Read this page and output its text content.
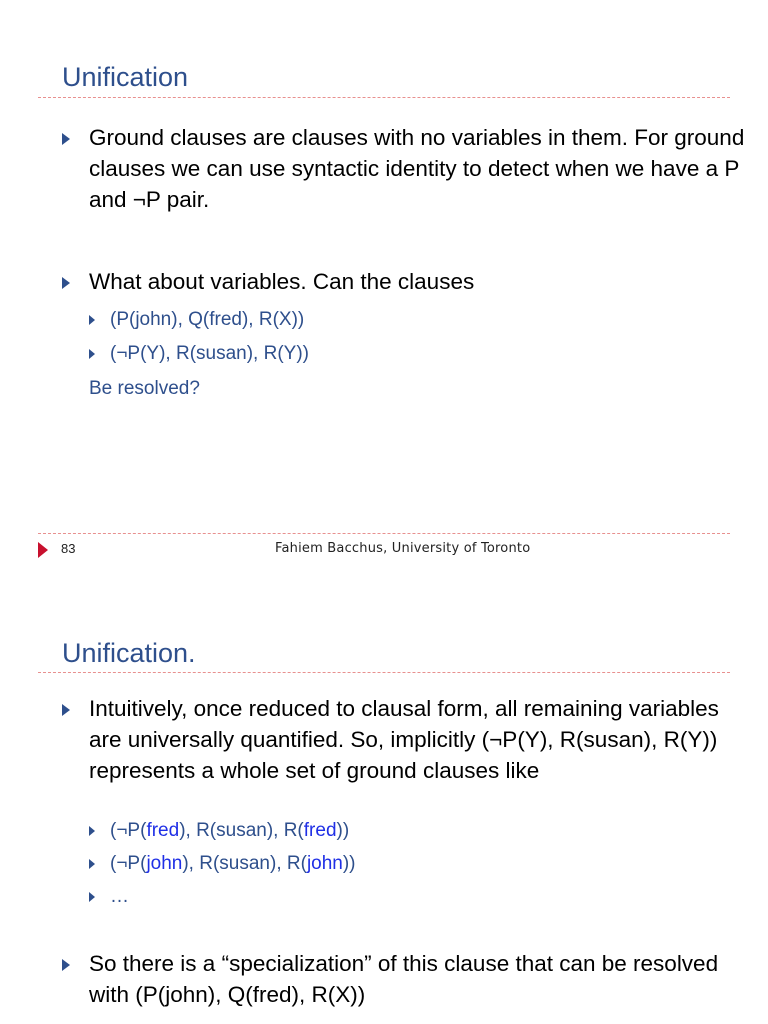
Unification
Ground clauses are clauses with no variables in them. For ground clauses we can use syntactic identity to detect when we have a P and ¬P pair.
What about variables. Can the clauses
(P(john), Q(fred), R(X))
(¬P(Y), R(susan), R(Y))
Be resolved?
83	Fahiem Bacchus, University of Toronto
Unification.
Intuitively, once reduced to clausal form, all remaining variables are universally quantified. So, implicitly (¬P(Y), R(susan), R(Y)) represents a whole set of ground clauses like
(¬P(fred), R(susan), R(fred))
(¬P(john), R(susan), R(john))
…
So there is a “specialization” of this clause that can be resolved with (P(john), Q(fred), R(X))
